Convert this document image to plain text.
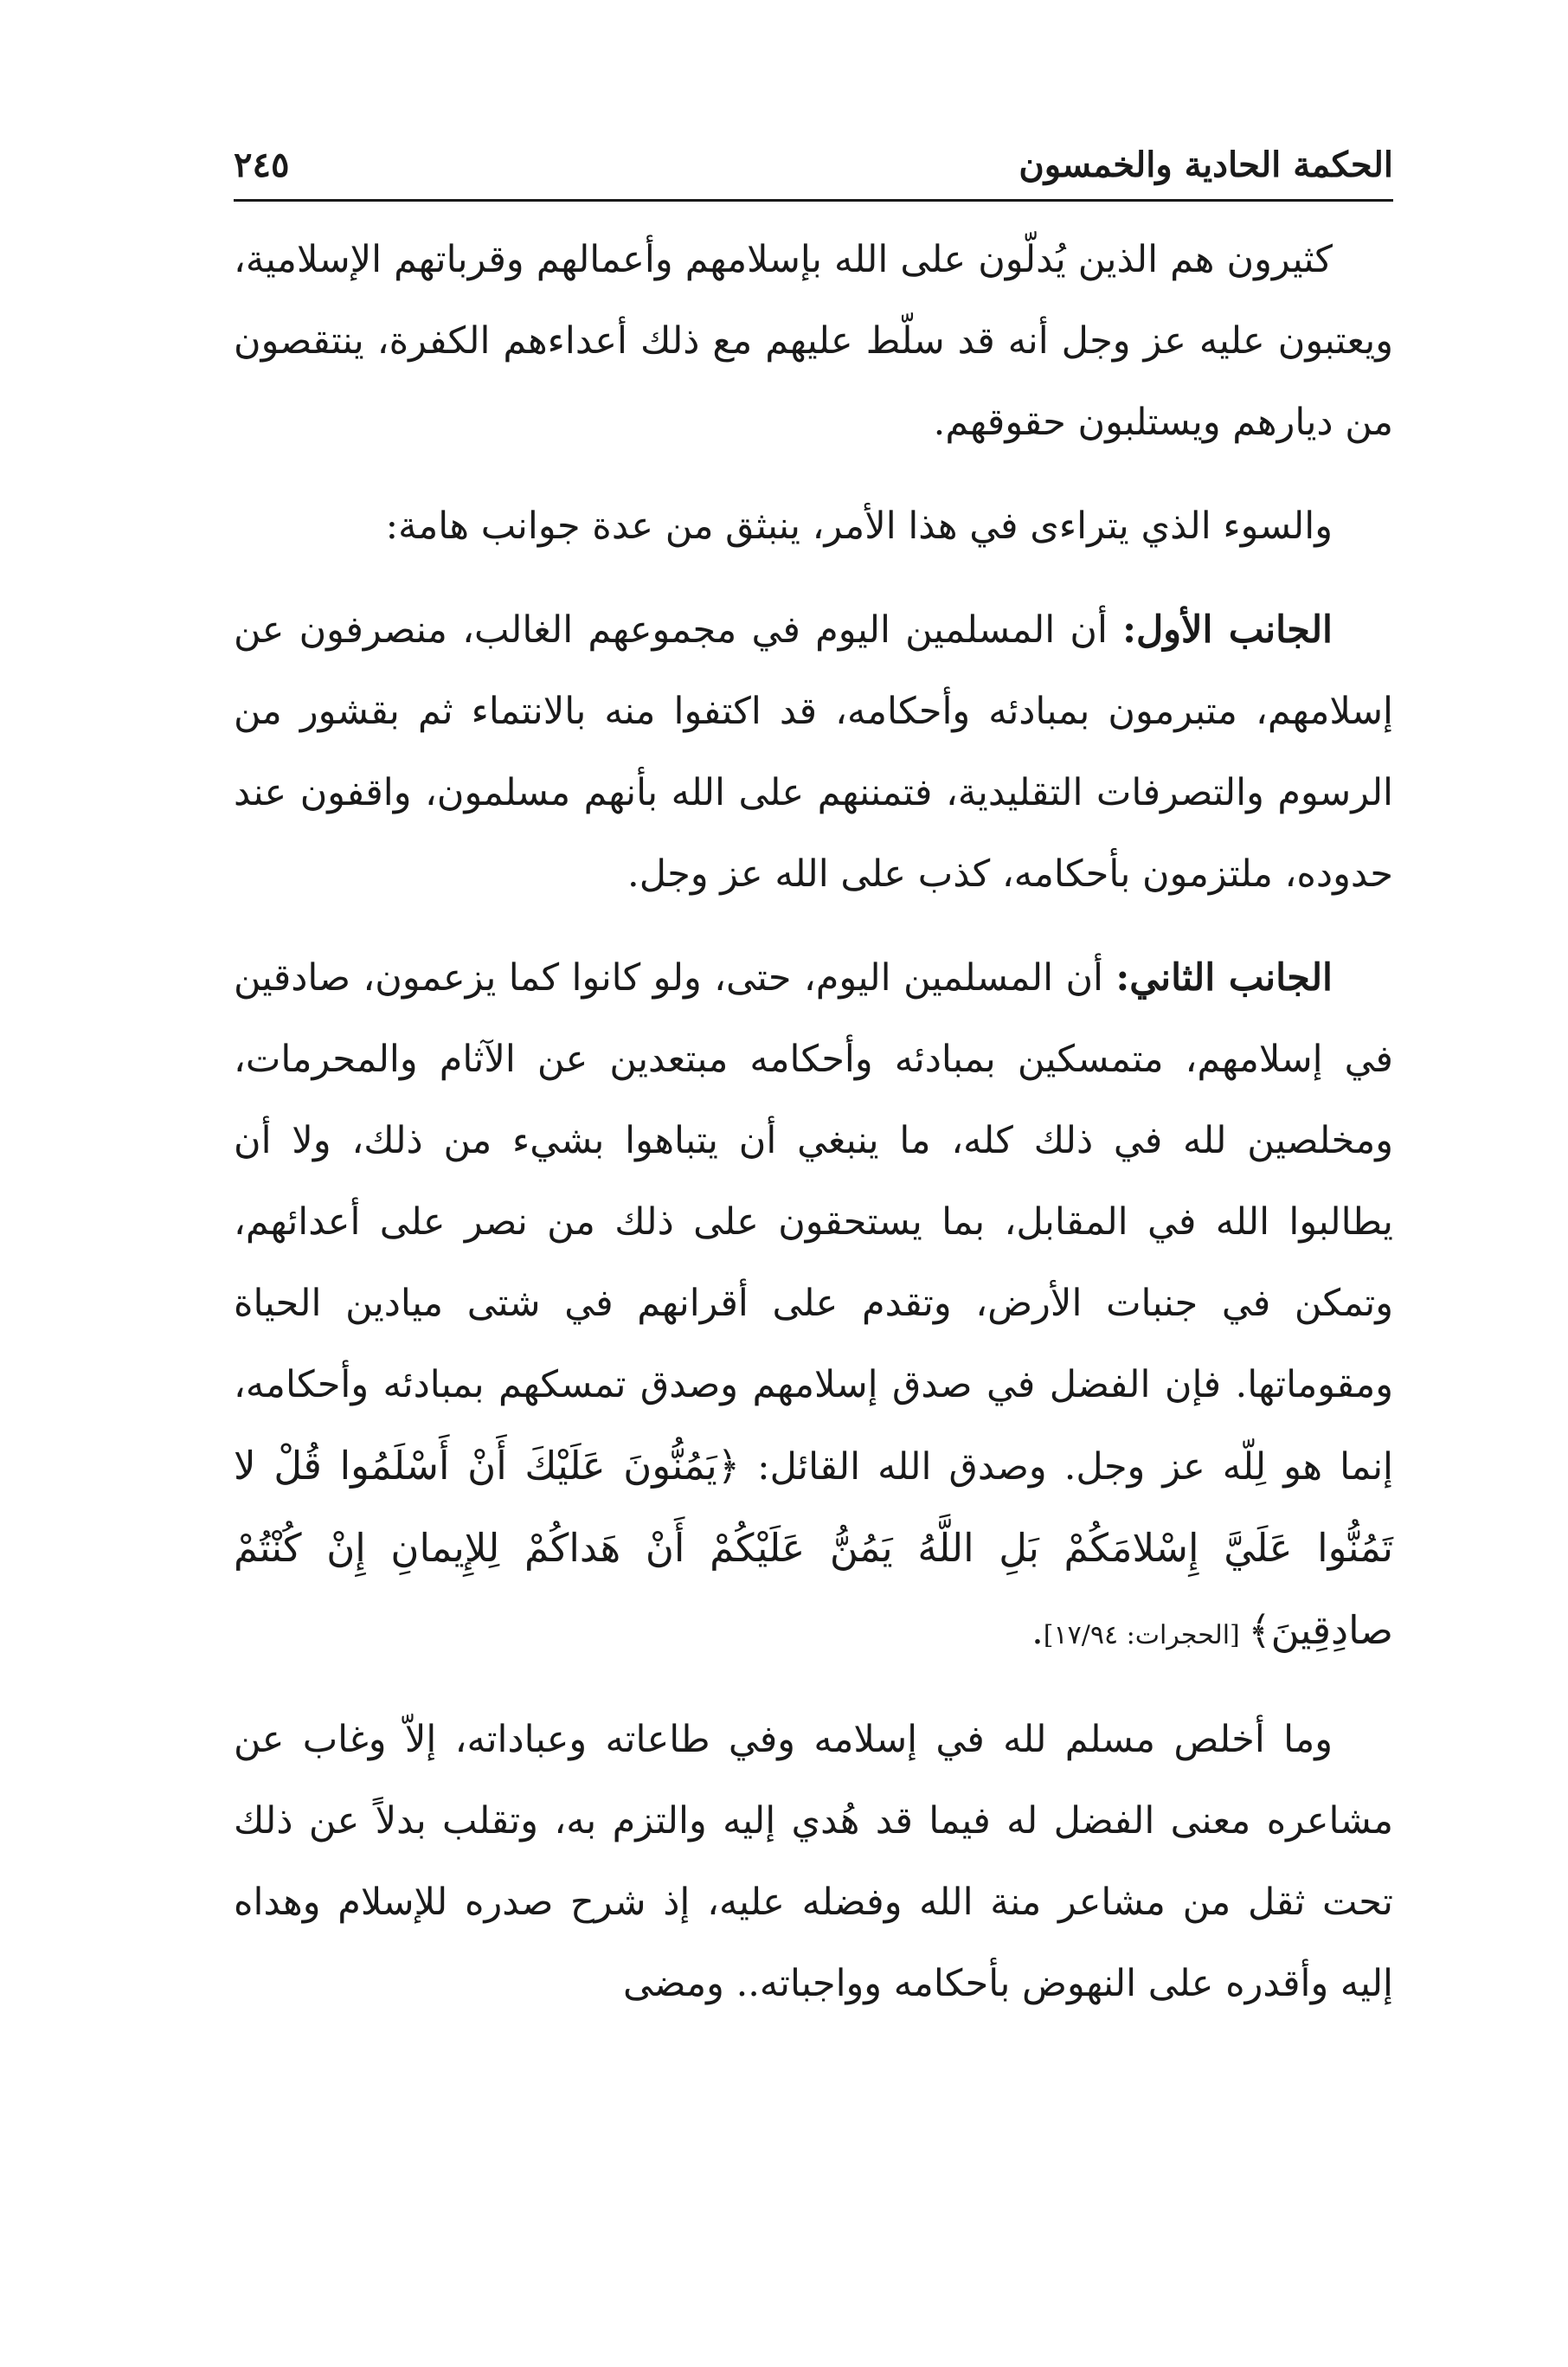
الحكمة الحادية والخمسون
٢٤٥

كثيرون هم الذين يُدلّون على الله بإسلامهم وأعمالهم وقرباتهم الإسلامية، ويعتبون عليه عز وجل أنه قد سلّط عليهم مع ذلك أعداءهم الكفرة، ينتقصون من ديارهم ويستلبون حقوقهم.

والسوء الذي يتراءى في هذا الأمر، ينبثق من عدة جوانب هامة:

الجانب الأول: أن المسلمين اليوم في مجموعهم الغالب، منصرفون عن إسلامهم، متبرمون بمبادئه وأحكامه، قد اكتفوا منه بالانتماء ثم بقشور من الرسوم والتصرفات التقليدية، فتمننهم على الله بأنهم مسلمون، واقفون عند حدوده، ملتزمون بأحكامه، كذب على الله عز وجل.

الجانب الثاني: أن المسلمين اليوم، حتى، ولو كانوا كما يزعمون، صادقين في إسلامهم، متمسكين بمبادئه وأحكامه مبتعدين عن الآثام والمحرمات، ومخلصين لله في ذلك كله، ما ينبغي أن يتباهوا بشيء من ذلك، ولا أن يطالبوا الله في المقابل، بما يستحقون على ذلك من نصر على أعدائهم، وتمكن في جنبات الأرض، وتقدم على أقرانهم في شتى ميادين الحياة ومقوماتها. فإن الفضل في صدق إسلامهم وصدق تمسكهم بمبادئه وأحكامه، إنما هو لِلّه عز وجل. وصدق الله القائل: ﴿يَمُنُّونَ عَلَيْكَ أَنْ أَسْلَمُوا قُلْ لا تَمُنُّوا عَلَيَّ إِسْلامَكُمْ بَلِ اللَّهُ يَمُنُّ عَلَيْكُمْ أَنْ هَداكُمْ لِلإِيمانِ إِنْ كُنْتُمْ صادِقِينَ﴾ [الحجرات: ١٧/٩٤].

وما أخلص مسلم لله في إسلامه وفي طاعاته وعباداته، إلاّ وغاب عن مشاعره معنى الفضل له فيما قد هُدي إليه والتزم به، وتقلب بدلاً عن ذلك تحت ثقل من مشاعر منة الله وفضله عليه، إذ شرح صدره للإسلام وهداه إليه وأقدره على النهوض بأحكامه وواجباته.. ومضى
